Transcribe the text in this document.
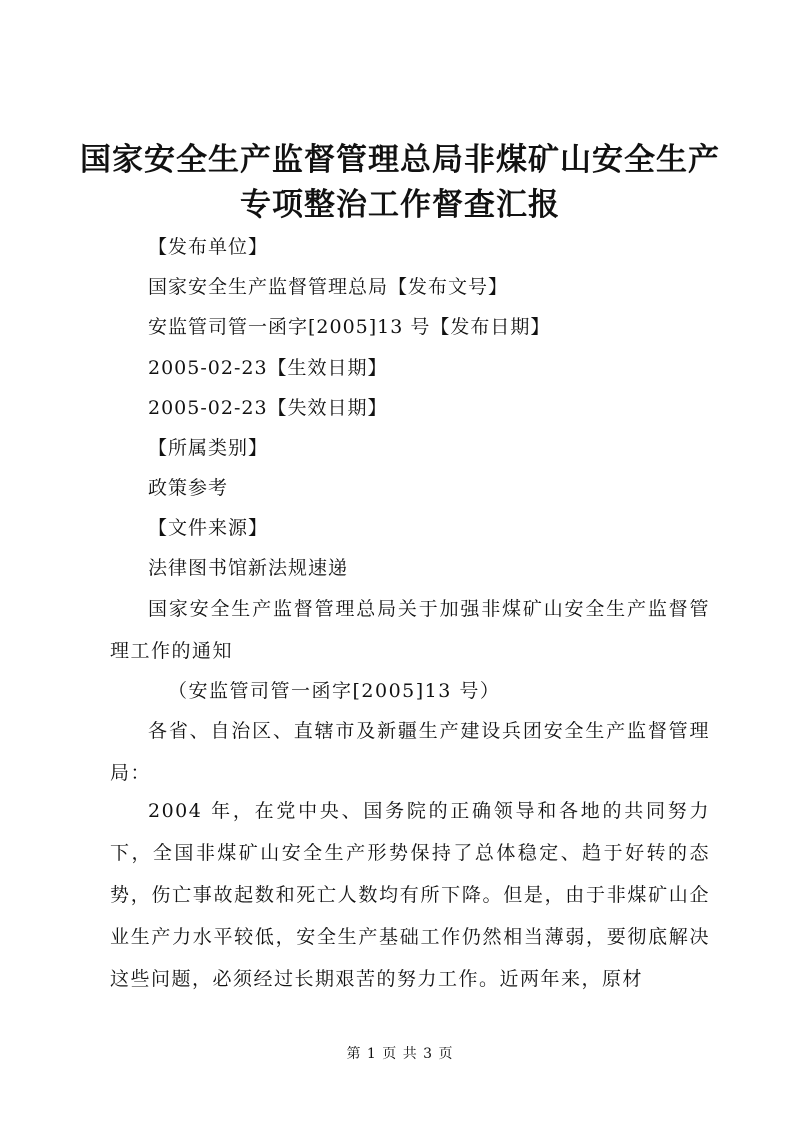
国家安全生产监督管理总局非煤矿山安全生产
专项整治工作督查汇报

【发布单位】

国家安全生产监督管理总局【发布文号】

安监管司管一函字[2005]13 号【发布日期】

2005-02-23【生效日期】

2005-02-23【失效日期】

【所属类别】

政策参考

【文件来源】

法律图书馆新法规速递

国家安全生产监督管理总局关于加强非煤矿山安全生产监督管理工作的通知

（安监管司管一函字[2005]13 号）

各省、自治区、直辖市及新疆生产建设兵团安全生产监督管理局：

2004 年，在党中央、国务院的正确领导和各地的共同努力下，全国非煤矿山安全生产形势保持了总体稳定、趋于好转的态势，伤亡事故起数和死亡人数均有所下降。但是，由于非煤矿山企业生产力水平较低，安全生产基础工作仍然相当薄弱，要彻底解决这些问题，必须经过长期艰苦的努力工作。近两年来，原材

第 1 页 共 3 页
